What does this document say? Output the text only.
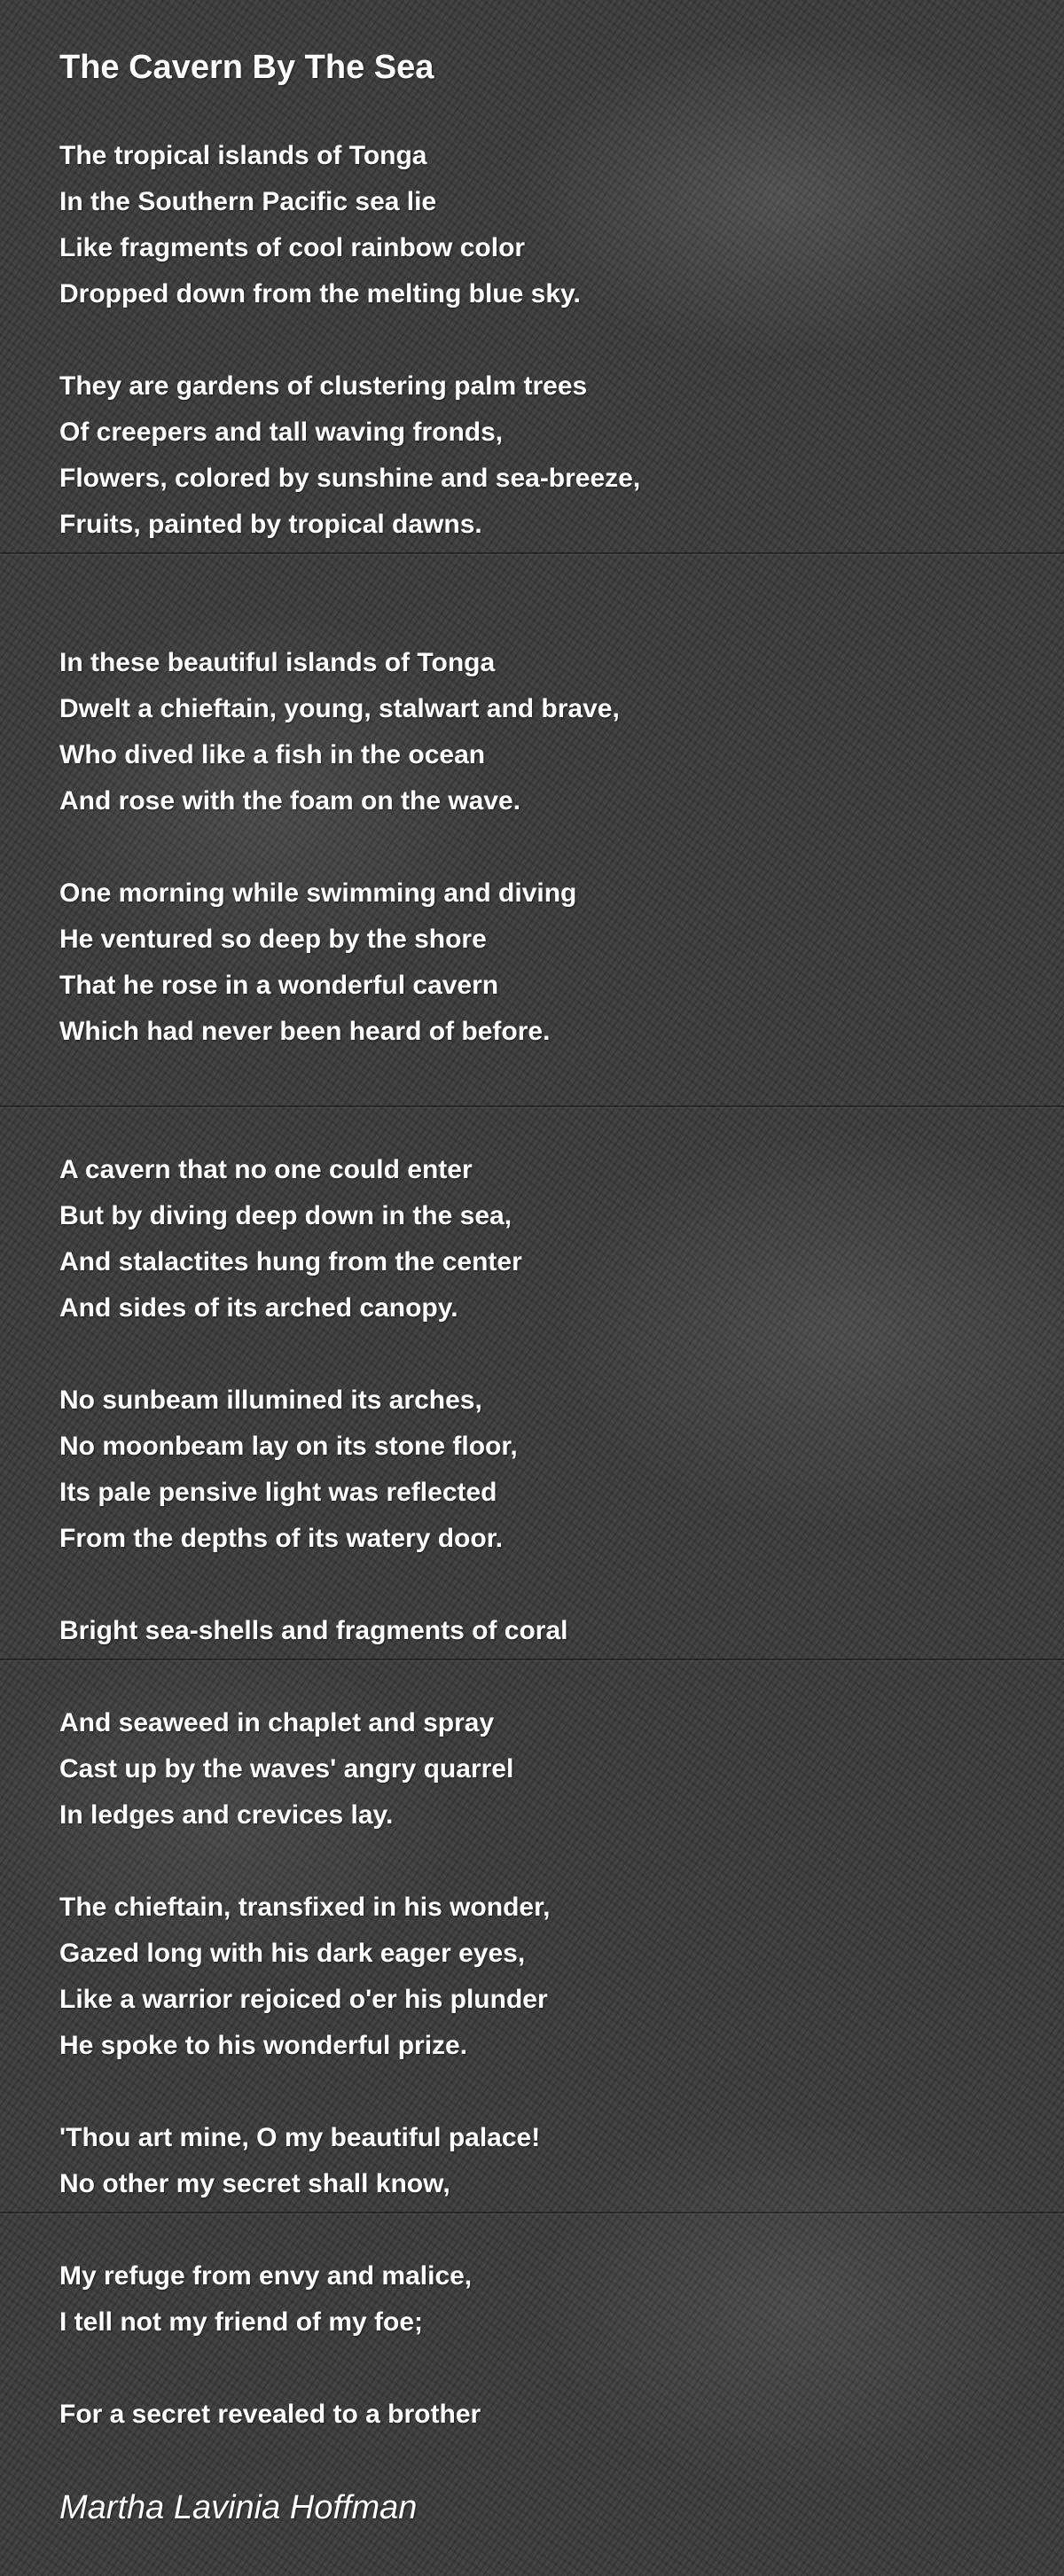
The Cavern By The Sea
The tropical islands of Tonga
In the Southern Pacific sea lie
Like fragments of cool rainbow color
Dropped down from the melting blue sky.
They are gardens of clustering palm trees
Of creepers and tall waving fronds,
Flowers, colored by sunshine and sea-breeze,
Fruits, painted by tropical dawns.
In these beautiful islands of Tonga
Dwelt a chieftain, young, stalwart and brave,
Who dived like a fish in the ocean
And rose with the foam on the wave.
One morning while swimming and diving
He ventured so deep by the shore
That he rose in a wonderful cavern
Which had never been heard of before.
A cavern that no one could enter
But by diving deep down in the sea,
And stalactites hung from the center
And sides of its arched canopy.
No sunbeam illumined its arches,
No moonbeam lay on its stone floor,
Its pale pensive light was reflected
From the depths of its watery door.
Bright sea-shells and fragments of coral
And seaweed in chaplet and spray
Cast up by the waves' angry quarrel
In ledges and crevices lay.
The chieftain, transfixed in his wonder,
Gazed long with his dark eager eyes,
Like a warrior rejoiced o'er his plunder
He spoke to his wonderful prize.
'Thou art mine, O my beautiful palace!
No other my secret shall know,
My refuge from envy and malice,
I tell not my friend of my foe;
For a secret revealed to a brother
Martha Lavinia Hoffman
